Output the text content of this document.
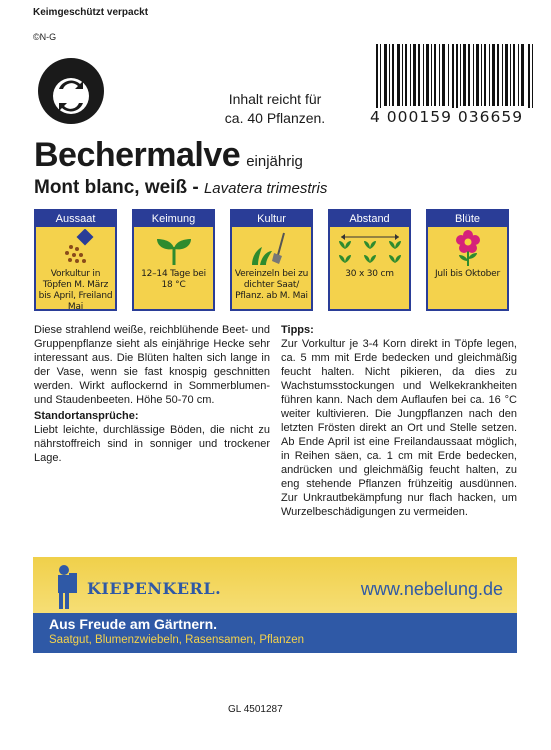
Keimgeschützt verpackt
©N-G
Inhalt reicht für
ca. 40 Pflanzen.	4 000159 036659
Bechermalve einjährig
Mont blanc, weiß - Lavatera trimestris
Aussaat
Vorkultur in Töpfen M. März bis April, Freiland Mai
Keimung
12–14 Tage bei 18 °C
Kultur
Vereinzeln bei zu dichter Saat/ Pflanz. ab M. Mai
Abstand
30 x 30 cm
Blüte
Juli bis Oktober
Diese strahlend weiße, reichblühende Beet- und Gruppenpflanze sieht als einjährige Hecke sehr interessant aus. Die Blüten halten sich lange in der Vase, wenn sie fast knospig geschnitten werden. Wirkt auflockernd in Sommerblumen- und Staudenbeeten. Höhe 50-70 cm.
Standortansprüche:
Liebt leichte, durchlässige Böden, die nicht zu nährstoffreich sind in sonniger und trockener Lage.
Tipps:
Zur Vorkultur je 3-4 Korn direkt in Töpfe legen, ca. 5 mm mit Erde bedecken und gleichmäßig feucht halten. Nicht pikieren, da dies zu Wachstumsstockungen und Welkekrankheiten führen kann. Nach dem Auflaufen bei ca. 16 °C weiter kultivieren. Die Jungpflanzen nach den letzten Frösten direkt an Ort und Stelle setzen. Ab Ende April ist eine Freilandaussaat möglich, in Reihen säen, ca. 1 cm mit Erde bedecken, andrücken und gleichmäßig feucht halten, zu eng stehende Pflanzen frühzeitig ausdünnen. Zur Unkrautbekämpfung nur flach hacken, um Wurzelbeschädigungen zu vermeiden.
KIEPENKERL.	www.nebelung.de
Aus Freude am Gärtnern.
Saatgut, Blumenzwiebeln, Rasensamen, Pflanzen
GL 4501287
